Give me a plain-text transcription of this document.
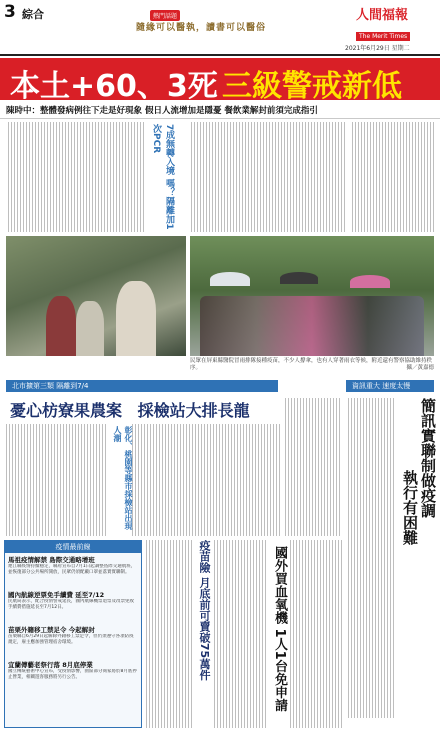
3 綜合	熱門話題
隨緣可以醫執，讀書可以醫俗
人間福報
The Merit Times
2021年6月29日 星期二
本土+60、3死 三級警戒新低
陳時中：整體發病例往下走是好現象 假日人流增加是隱憂 餐飲業解封前須完成指引
7成無轉入境 嗎？隔離加1次PCR
民眾在屏東縣醫院冒雨排隊接種疫苗，不少人撐傘，也有人穿著雨衣等候，附近還有警察協助維持秩序。	攝／黃嘉德
北市擴第三類 隔離到7/4	資訊重大 速度太慢
憂心枋寮果農案 採檢站大排長龍
彰化、桃園等縣市採檢站出現人潮	簡訊實聯制做疫調
執行有困難
疫情最前線
馬祖疫情解禁 島際交通略增班
連江縣疫情持續穩定，縣府宣布自7月1日起調整島際交通航班，並恢復部分公共場所開放，民眾仍須配戴口罩並落實實聯制。
國內航線逆票免手續費 延至7/12
民航局表示，配合疫情警戒延長，國內航線機票退票及改票免收手續費措施延長至7月12日。
苗栗外籍移工禁足令 今起解封
苗栗縣自6月29日起解除外籍移工禁足令，但仍須遵守各項防疫規定，雇主應加強管理宿舍環境。
宜蘭傳藝老祭行落 8月底停業
國立傳統藝術中心宣布，受疫情影響，園區部分商家將於8月底停止營業，相關遊客服務將另行公告。	疫苗險 月底前可賣破75萬件	國外買血氧機 1人1台免申請
